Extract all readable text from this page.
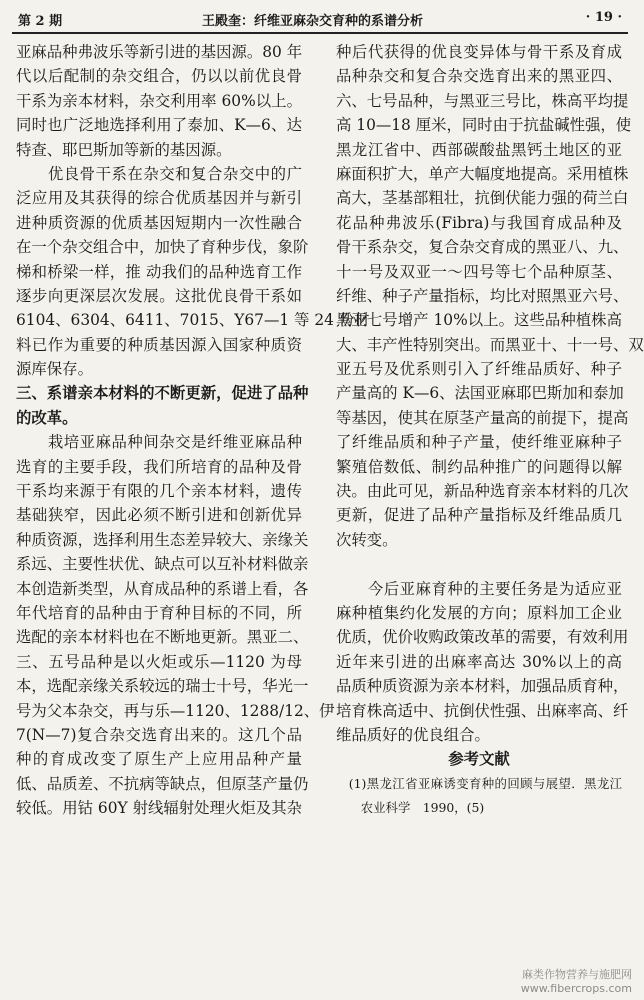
第 2 期	王殿奎：纤维亚麻杂交育种的系谱分析	· 19 ·
亚麻品种弗波乐等新引进的基因源。80 年
代以后配制的杂交组合，仍以以前优良骨
干系为亲本材料，杂交利用率 60%以上。
同时也广泛地选择利用了泰加、K—6、达
特查、耶巴斯加等新的基因源。
　　优良骨干系在杂交和复合杂交中的广
泛应用及其获得的综合优质基因并与新引
进种质资源的优质基因短期内一次性融合
在一个杂交组合中，加快了育种步伐，象阶
梯和桥梁一样，推 动我们的品种选育工作
逐步向更深层次发展。这批优良骨干系如
6104、6304、6411、7015、Y67—1 等 24 份材
料已作为重要的种质基因源入国家种质资
源库保存。
三、系谱亲本材料的不断更新，促进了品种
的改革。
　　栽培亚麻品种间杂交是纤维亚麻品种
选育的主要手段，我们所培育的品种及骨
干系均来源于有限的几个亲本材料，遗传
基础狭窄，因此必须不断引进和创新优异
种质资源，选择利用生态差异较大、亲缘关
系远、主要性状优、缺点可以互补材料做亲
本创造新类型，从育成品种的系谱上看，各
年代培育的品种由于育种目标的不同，所
选配的亲本材料也在不断地更新。黑亚二、
三、五号品种是以火炬或乐—1120 为母
本，选配亲缘关系较远的瑞士十号，华光一
号为父本杂交，再与乐—1120、1288/12、伊
7(N—7)复合杂交选育出来的。这几个品
种的育成改变了原生产上应用品种产量
低、品质差、不抗病等缺点，但原茎产量仍
较低。用钴 60Y 射线辐射处理火炬及其杂
种后代获得的优良变异体与骨干系及育成
品种杂交和复合杂交选育出来的黑亚四、
六、七号品种，与黑亚三号比，株高平均提
高 10—18 厘米，同时由于抗盐碱性强，使
黑龙江省中、西部碳酸盐黑钙土地区的亚
麻面积扩大，单产大幅度地提高。采用植株
高大，茎基部粗壮，抗倒伏能力强的荷兰白
花品种弗波乐(Fibra)与我国育成品种及
骨干系杂交，复合杂交育成的黑亚八、九、
十一号及双亚一～四号等七个品种原茎、
纤维、种子产量指标，均比对照黑亚六号、
黑亚七号增产 10%以上。这些品种植株高
大、丰产性特别突出。而黑亚十、十一号、双
亚五号及优系则引入了纤维品质好、种子
产量高的 K—6、法国亚麻耶巴斯加和泰加
等基因，使其在原茎产量高的前提下，提高
了纤维品质和种子产量，使纤维亚麻种子
繁殖倍数低、制约品种推广的问题得以解
决。由此可见，新品种选育亲本材料的几次
更新，促进了品种产量指标及纤维品质几
次转变。
　　今后亚麻育种的主要任务是为适应亚
麻种植集约化发展的方向；原料加工企业
优质，优价收购政策改革的需要，有效利用
近年来引进的出麻率高达 30%以上的高
品质种质资源为亲本材料，加强品质育种，
培育株高适中、抗倒伏性强、出麻率高、纤
维品质好的优良组合。
参考文献
　(1)黑龙江省亚麻诱变育种的回顾与展望．黑龙江
　　农业科学　1990，(5)
麻类作物营养与施肥网
www.fibercrops.com
